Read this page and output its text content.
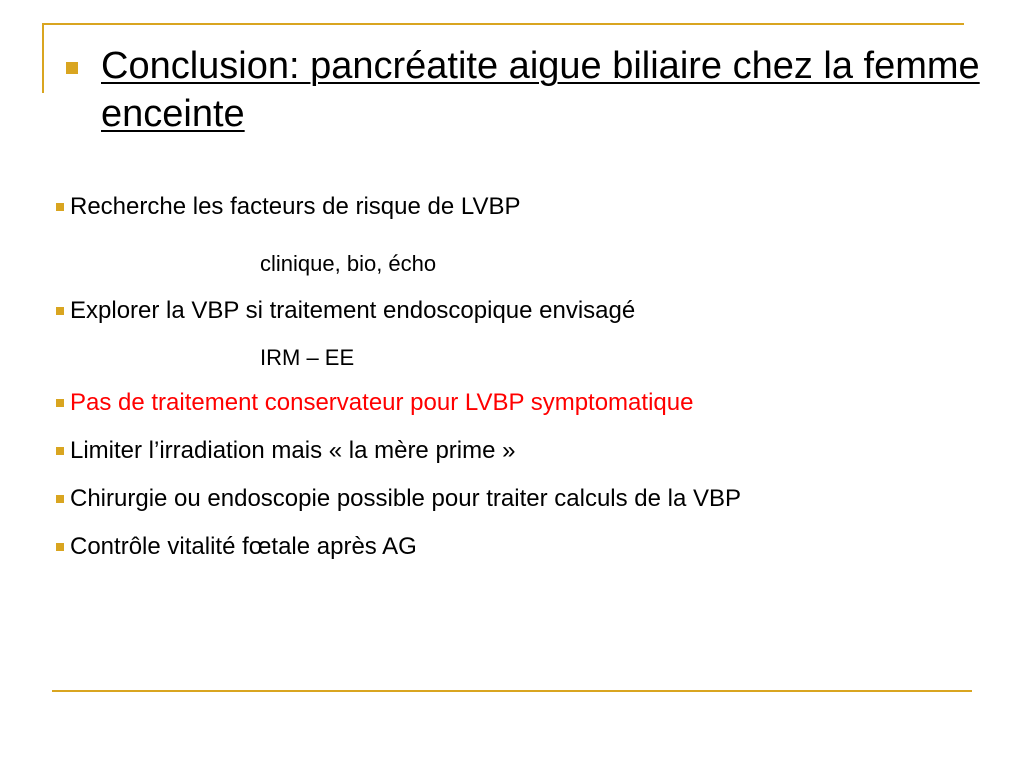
Conclusion: pancréatite aigue biliaire chez la femme enceinte
Recherche les facteurs de risque de LVBP
clinique, bio, écho
Explorer la VBP si traitement endoscopique envisagé
IRM – EE
Pas de traitement conservateur pour LVBP symptomatique
Limiter l’irradiation mais « la mère prime »
Chirurgie ou endoscopie possible pour traiter calculs de la VBP
Contrôle vitalité fœtale après AG
